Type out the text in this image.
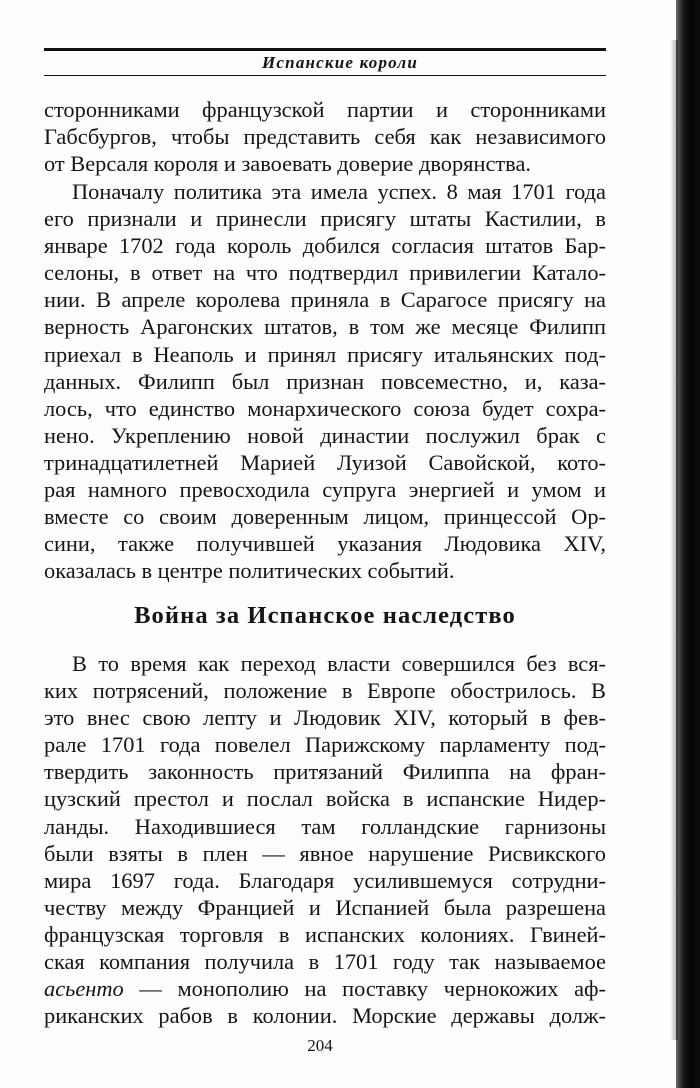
Испанские короли
сторонниками французской партии и сторонниками
Габсбургов, чтобы представить себя как независимого
от Версаля короля и завоевать доверие дворянства.
Поначалу политика эта имела успех. 8 мая 1701 года
его признали и принесли присягу штаты Кастилии, в
январе 1702 года король добился согласия штатов Бар-
селоны, в ответ на что подтвердил привилегии Катало-
нии. В апреле королева приняла в Сарагосе присягу на
верность Арагонских штатов, в том же месяце Филипп
приехал в Неаполь и принял присягу итальянских под-
данных. Филипп был признан повсеместно, и, каза-
лось, что единство монархического союза будет сохра-
нено. Укреплению новой династии послужил брак с
тринадцатилетней Марией Луизой Савойской, кото-
рая намного превосходила супруга энергией и умом и
вместе со своим доверенным лицом, принцессой Ор-
сини, также получившей указания Людовика XIV,
оказалась в центре политических событий.
Война за Испанское наследство
В то время как переход власти совершился без вся-
ких потрясений, положение в Европе обострилось. В
это внес свою лепту и Людовик XIV, который в фев-
рале 1701 года повелел Парижскому парламенту под-
твердить законность притязаний Филиппа на фран-
цузский престол и послал войска в испанские Нидер-
ланды. Находившиеся там голландские гарнизоны
были взяты в плен — явное нарушение Рисвикского
мира 1697 года. Благодаря усилившемуся сотрудни-
честву между Францией и Испанией была разрешена
французская торговля в испанских колониях. Гвиней-
ская компания получила в 1701 году так называемое
асьенто — монополию на поставку чернокожих аф-
риканских рабов в колонии. Морские державы долж-
204
